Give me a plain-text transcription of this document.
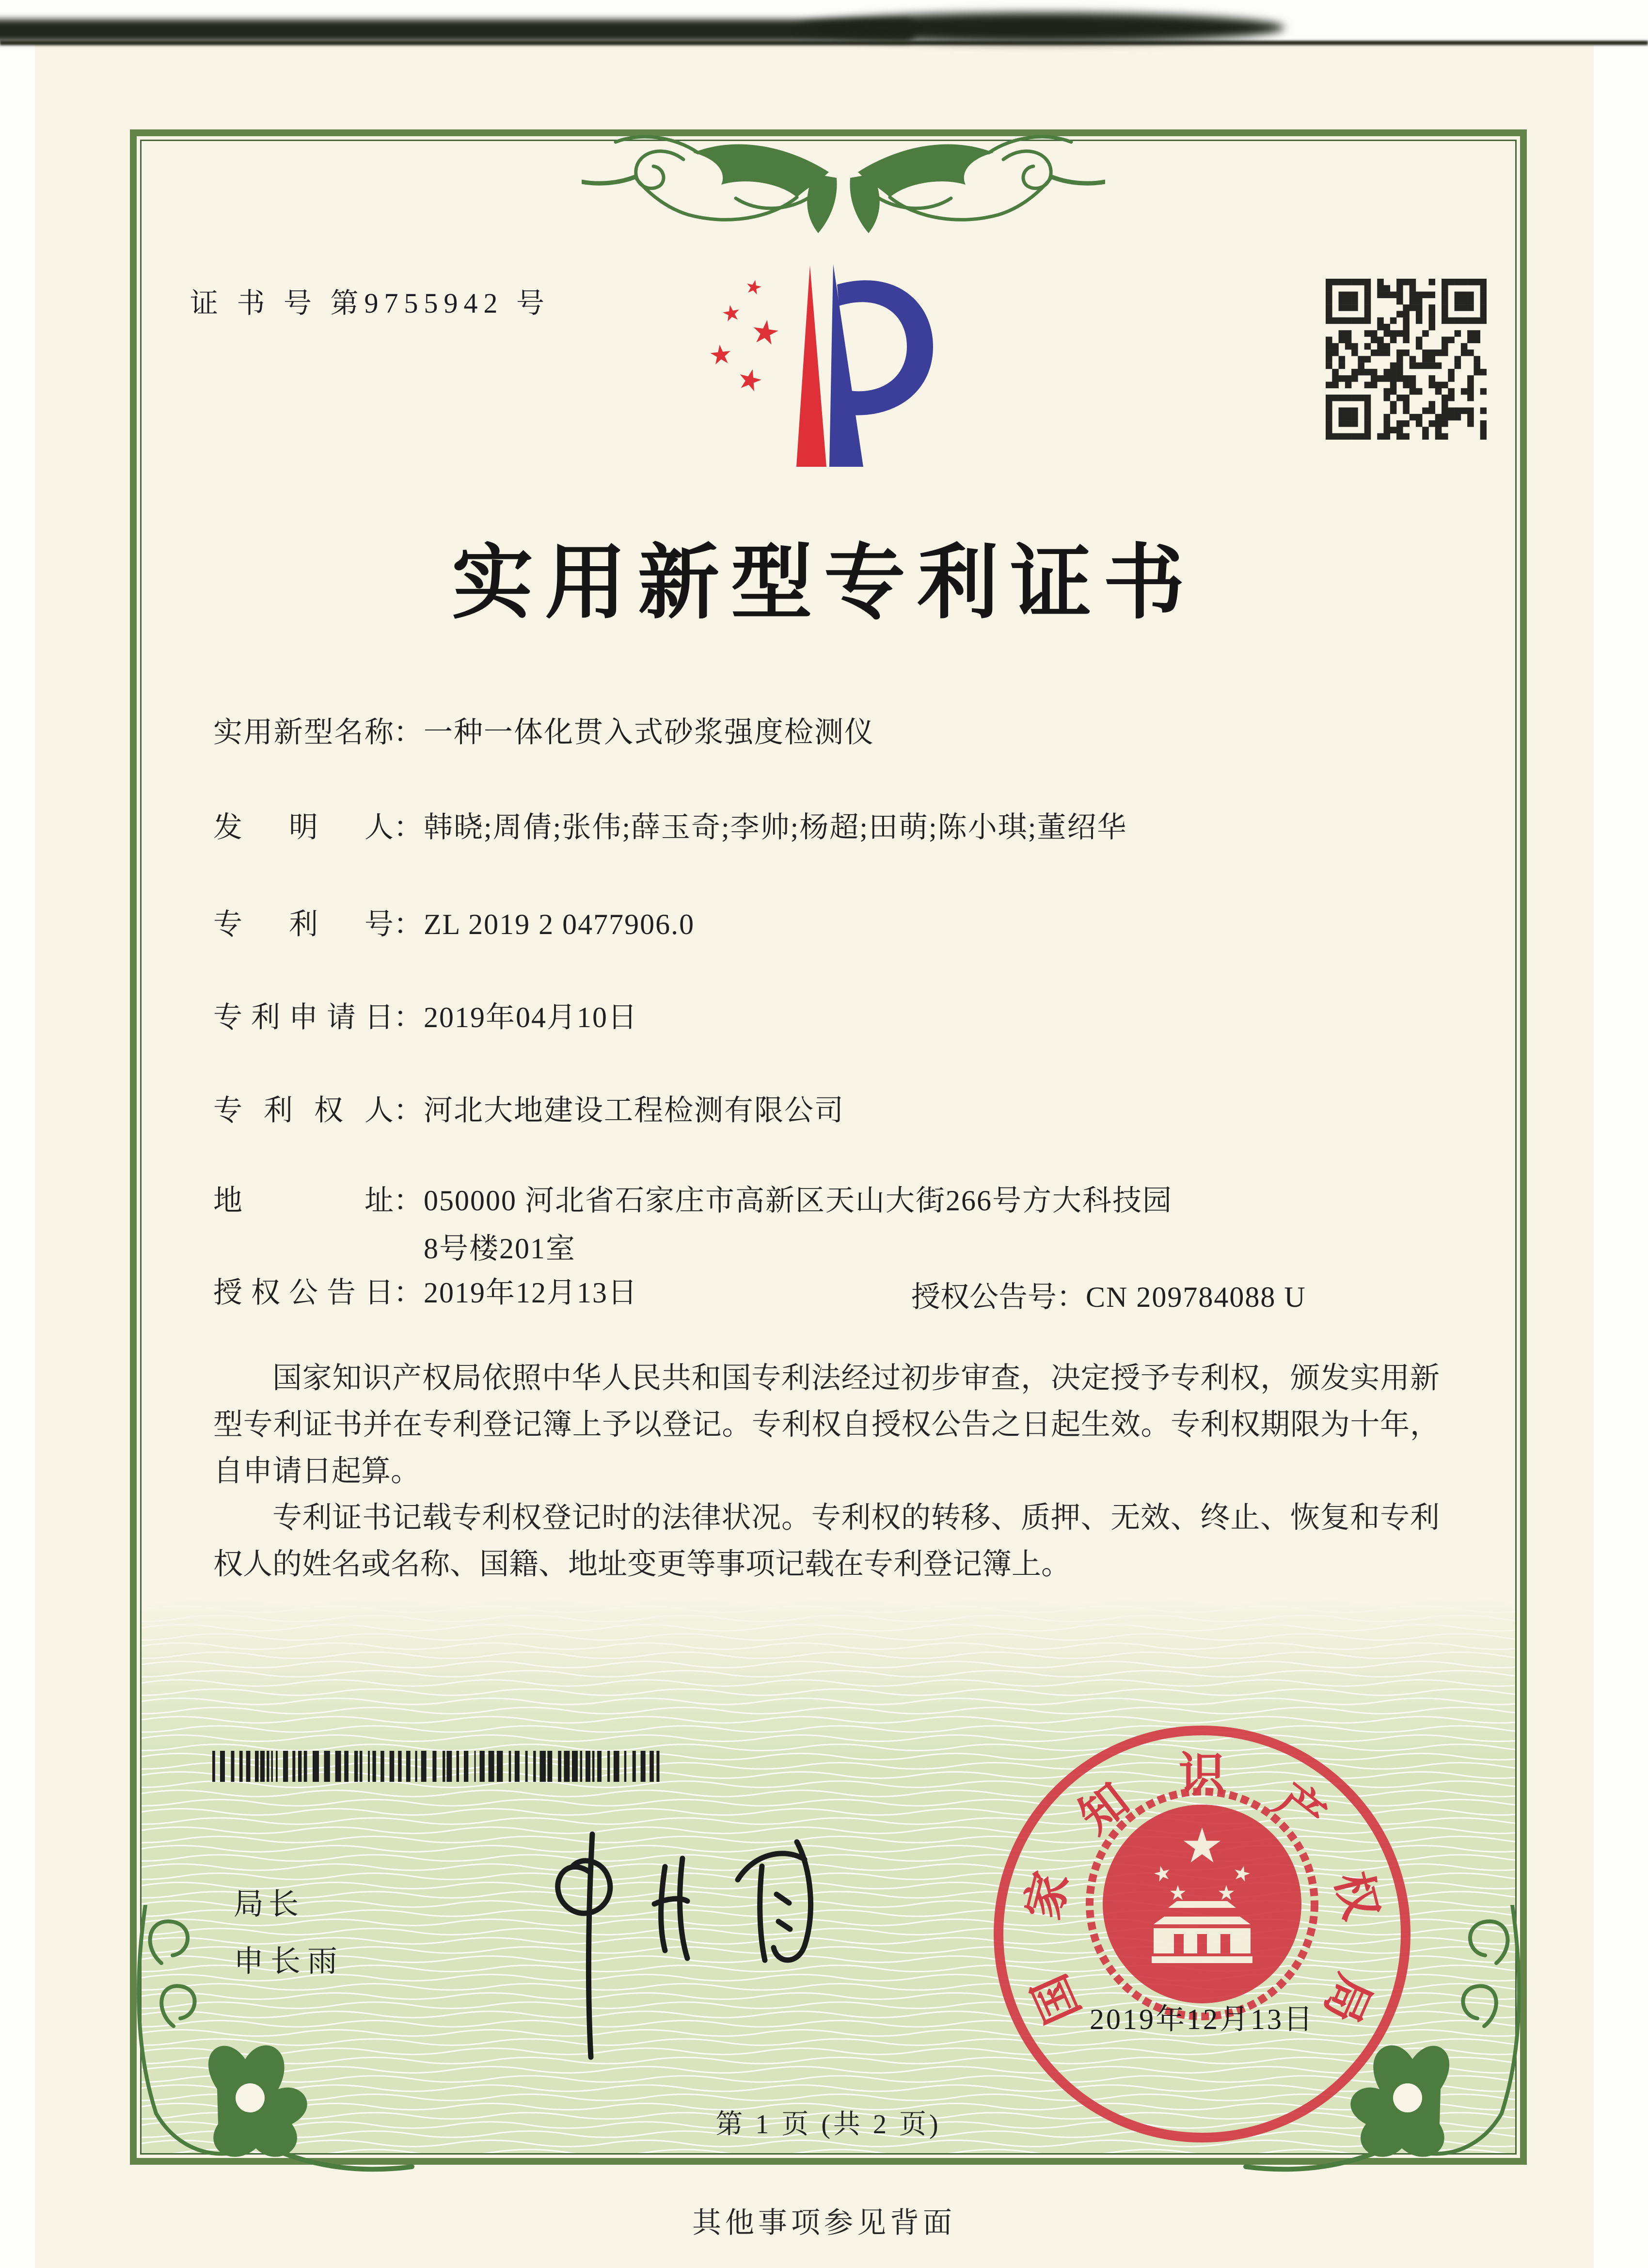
证 书 号 第9755942 号
实用新型专利证书
实用新型名称：一种一体化贯入式砂浆强度检测仪
发明人：韩晓;周倩;张伟;薛玉奇;李帅;杨超;田萌;陈小琪;董绍华
专利号：ZL 2019 2 0477906.0
专利申请日：2019年04月10日
专利权人：河北大地建设工程检测有限公司
地址：050000 河北省石家庄市高新区天山大街266号方大科技园
8号楼201室
授权公告日：2019年12月13日	授权公告号：CN 209784088 U

国家知识产权局依照中华人民共和国专利法经过初步审查，决定授予专利权，颁发实用新型专利证书并在专利登记簿上予以登记。专利权自授权公告之日起生效。专利权期限为十年，自申请日起算。

专利证书记载专利权登记时的法律状况。专利权的转移、质押、无效、终止、恢复和专利权人的姓名或名称、国籍、地址变更等事项记载在专利登记簿上。

局长
申长雨
国
家
知 识 产
权
局
2019年12月13日
第 1 页 (共 2 页)
其他事项参见背面
